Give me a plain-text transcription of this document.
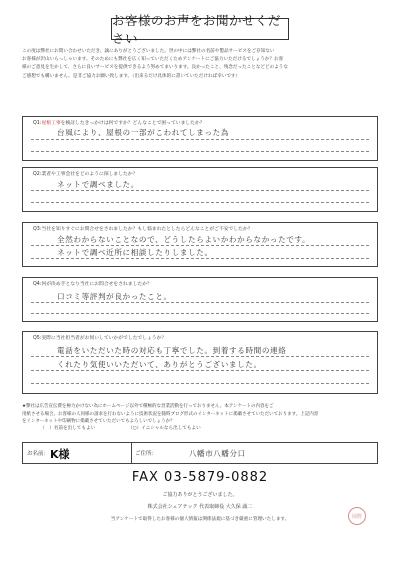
お客様のお声をお聞かせください

この度は弊社にお問い合わせいただき、誠にありがとうございました。世の中には弊社の名前や製品サービスをご存知ない

お客様が沢山いらっしゃいます。そのためにも弊社を広く知っていただくためアンケートにご協力いただけるでしょうか？お客

様のご意見を生かして、さらに良いサービスを提供できるよう努めてまいります。良かったこと、残念だったことなどどのような

ご感想でも構いません。是非ご協力お願い致します。（出来るだけ具体的に書いていただければ幸いです）

Q1:屋根工事を検討したきっかけは何ですか？どんなことで困っていましたか？
台風により、屋根の一部がこわれてしまった為
Q2:業者や工事会社をどのように探しましたか？
ネットで調べました。
Q3:当社を知りすぐにお問合せをされましたか？もし悩まれたとしたらどんなことがご不安でしたか？
全然わからないことなので、どうしたらよいかわからなかったです。
ネットで調べ近所に相談したりしました。
Q4:何が決め手となり当社にお問合せをされましたか？
口コミ等評判が良かったこと。
Q5:実際に当社担当者がお伺いしていかがでしたでしょうか？
電話をいただいた時の対応も丁寧でした。到着する時間の連絡
くれたり気使いいただいて、ありがとうございました。

★弊社は広告宣伝費を極力かけない為にホームページ以外で積極的な営業活動を行っておりません。本アンケートの内容をご

用紙させる場合、お客様の人同様の請求を行わないように技術状況を随時ブログ形式のインターネットに掲載させていただいております。上記内容

をインターネットや印刷物に掲載させていただいてもよろしいでしょうか？

（　）名前を出してもよい	（○）イニシャルなら出してもよい
お名前： K様	ご住所：	八幡市八幡分口
FAX 03-5879-0882
ご協力ありがとうございました。
株式会社シェアテック 代表取締役 大久保 誠二
当アンケートで取得したお客様の個人情報は関係法規に基づき厳重に管理いたします。	岡野
